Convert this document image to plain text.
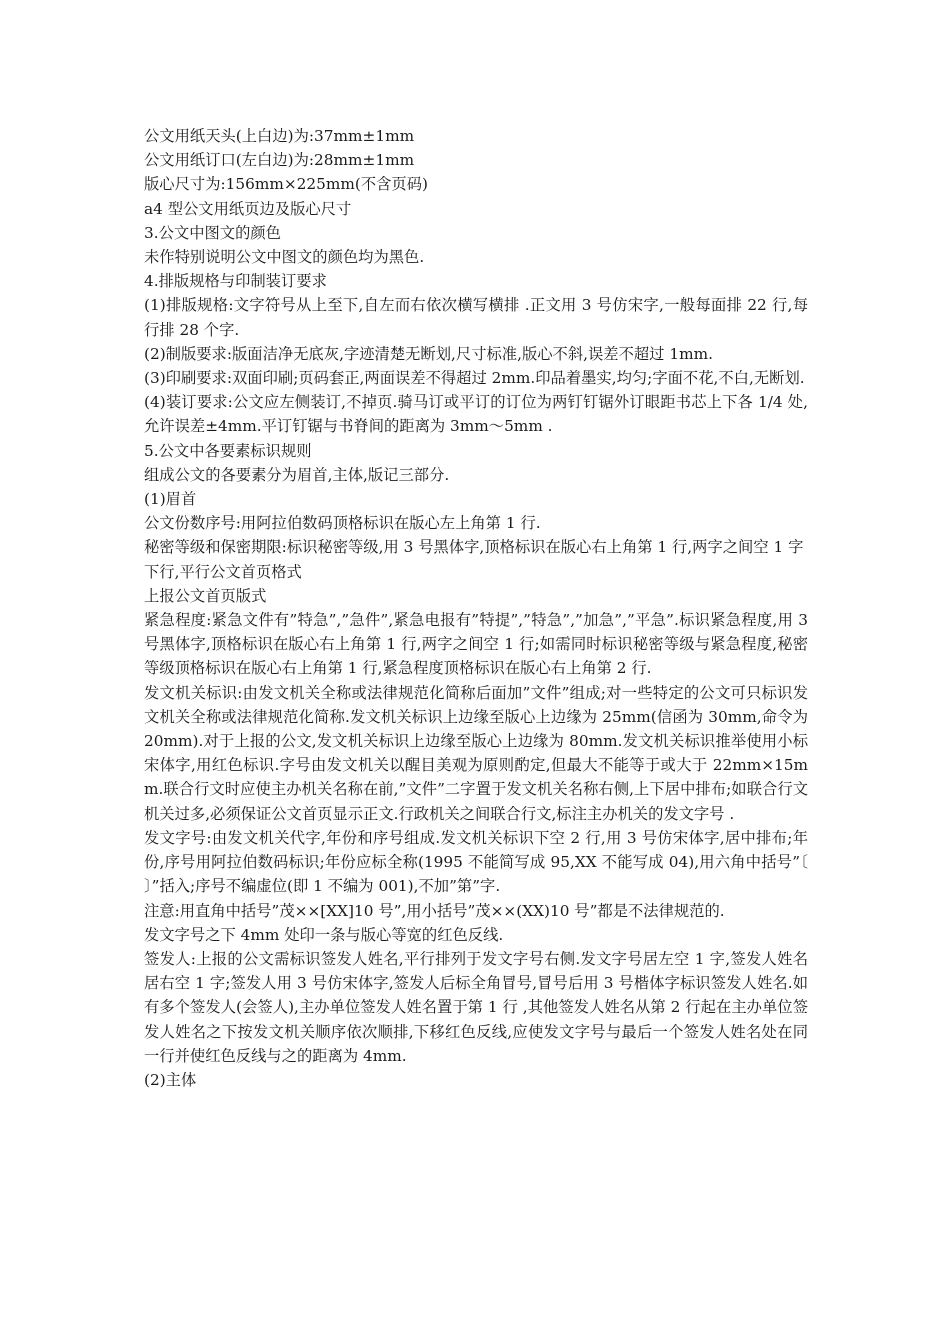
公文用纸天头(上白边)为:37mm±1mm

公文用纸订口(左白边)为:28mm±1mm

版心尺寸为:156mm×225mm(不含页码)

a4 型公文用纸页边及版心尺寸

3.公文中图文的颜色

未作特别说明公文中图文的颜色均为黑色.

4.排版规格与印制装订要求

(1)排版规格:文字符号从上至下,自左而右依次横写横排 .正文用 3 号仿宋字,一般每面排 22 行,每行排 28 个字.

(2)制版要求:版面洁净无底灰,字迹清楚无断划,尺寸标准,版心不斜,误差不超过 1mm.

(3)印刷要求:双面印刷;页码套正,两面误差不得超过 2mm.印品着墨实,均匀;字面不花,不白,无断划.

(4)装订要求:公文应左侧装订,不掉页.骑马订或平订的订位为两钉钉锯外订眼距书芯上下各 1/4 处,允许误差±4mm.平订钉锯与书脊间的距离为 3mm～5mm .

5.公文中各要素标识规则

组成公文的各要素分为眉首,主体,版记三部分.

(1)眉首

公文份数序号:用阿拉伯数码顶格标识在版心左上角第 1 行.

秘密等级和保密期限:标识秘密等级,用 3 号黑体字,顶格标识在版心右上角第 1 行,两字之间空 1 字

下行,平行公文首页格式

上报公文首页版式

紧急程度:紧急文件有”特急”,”急件”,紧急电报有”特提”,”特急”,”加急”,”平急”.标识紧急程度,用 3 号黑体字,顶格标识在版心右上角第 1 行,两字之间空 1 行;如需同时标识秘密等级与紧急程度,秘密等级顶格标识在版心右上角第 1 行,紧急程度顶格标识在版心右上角第 2 行.

发文机关标识:由发文机关全称或法律规范化简称后面加”文件”组成;对一些特定的公文可只标识发文机关全称或法律规范化简称.发文机关标识上边缘至版心上边缘为 25mm(信函为 30mm,命令为 20mm).对于上报的公文,发文机关标识上边缘至版心上边缘为 80mm.发文机关标识推举使用小标宋体字,用红色标识.字号由发文机关以醒目美观为原则酌定,但最大不能等于或大于 22mm×15mm.联合行文时应使主办机关名称在前,”文件”二字置于发文机关名称右侧,上下居中排布;如联合行文机关过多,必须保证公文首页显示正文.行政机关之间联合行文,标注主办机关的发文字号 .

发文字号:由发文机关代字,年份和序号组成.发文机关标识下空 2 行,用 3 号仿宋体字,居中排布;年份,序号用阿拉伯数码标识;年份应标全称(1995 不能简写成 95,XX 不能写成 04),用六角中括号”〔 〕”括入;序号不编虚位(即 1 不编为 001),不加”第”字.

注意:用直角中括号”茂××[XX]10 号”,用小括号”茂××(XX)10 号”都是不法律规范的.

发文字号之下 4mm 处印一条与版心等宽的红色反线.

签发人:上报的公文需标识签发人姓名,平行排列于发文字号右侧.发文字号居左空 1 字,签发人姓名居右空 1 字;签发人用 3 号仿宋体字,签发人后标全角冒号,冒号后用 3 号楷体字标识签发人姓名.如有多个签发人(会签人),主办单位签发人姓名置于第 1 行 ,其他签发人姓名从第 2 行起在主办单位签发人姓名之下按发文机关顺序依次顺排,下移红色反线,应使发文字号与最后一个签发人姓名处在同一行并使红色反线与之的距离为 4mm.

(2)主体
